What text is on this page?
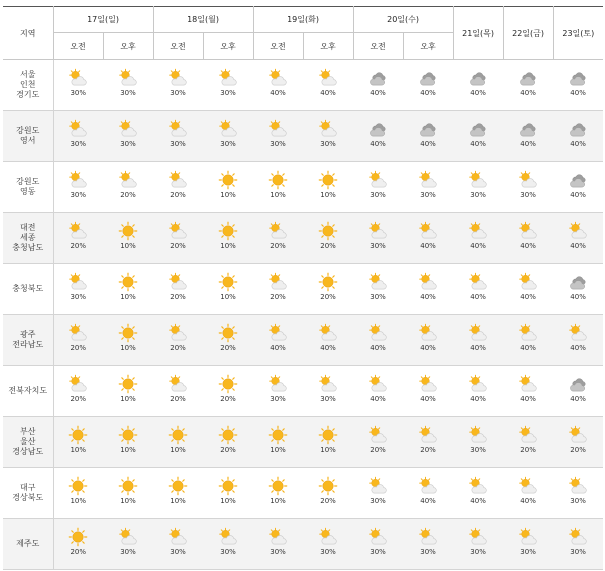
지역	17일(일)		18일(월)		19일(화)		20일(수)		21일(목)	22일(금)	23일(토)
	오전	오후	오전	오후	오전	오후	오전	오후			

서울
인천
경기도	30%	30%	30%	30%	40%	40%	40%	40%	40%	40%	40%

강원도
영서	30%	30%	30%	30%	30%	30%	40%	40%	40%	40%	40%

강원도
영동	30%	20%	20%	10%	10%	10%	30%	30%	30%	30%	40%

대전
세종
충청남도	20%	10%	20%	10%	20%	20%	30%	40%	40%	40%	40%

충청북도	30%	10%	20%	10%	20%	20%	30%	40%	40%	40%	40%

광주
전라남도	20%	10%	20%	20%	40%	40%	40%	40%	40%	40%	40%

전북자치도	20%	10%	20%	20%	30%	30%	40%	40%	40%	40%	40%

부산
울산
경상남도	10%	10%	10%	20%	10%	10%	20%	20%	30%	20%	20%

대구
경상북도	10%	10%	10%	10%	10%	20%	30%	40%	40%	40%	30%

제주도	20%	30%	30%	30%	30%	30%	30%	30%	30%	30%	30%
